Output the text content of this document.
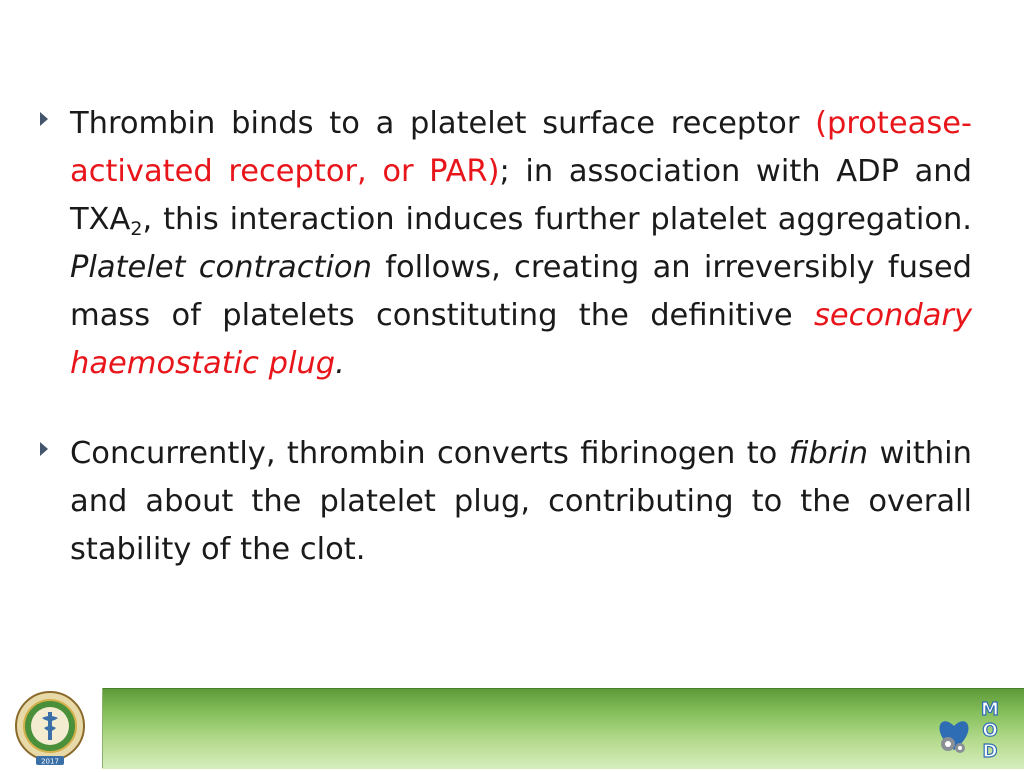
Thrombin binds to a platelet surface receptor (protease-activated receptor, or PAR); in association with ADP and $TXA_2$, this interaction induces further platelet aggregation. Platelet contraction follows, creating an irreversibly fused mass of platelets constituting the definitive secondary haemostatic plug.
Concurrently, thrombin converts fibrinogen to fibrin within and about the platelet plug, contributing to the overall stability of the clot.
2017
M
O
D
